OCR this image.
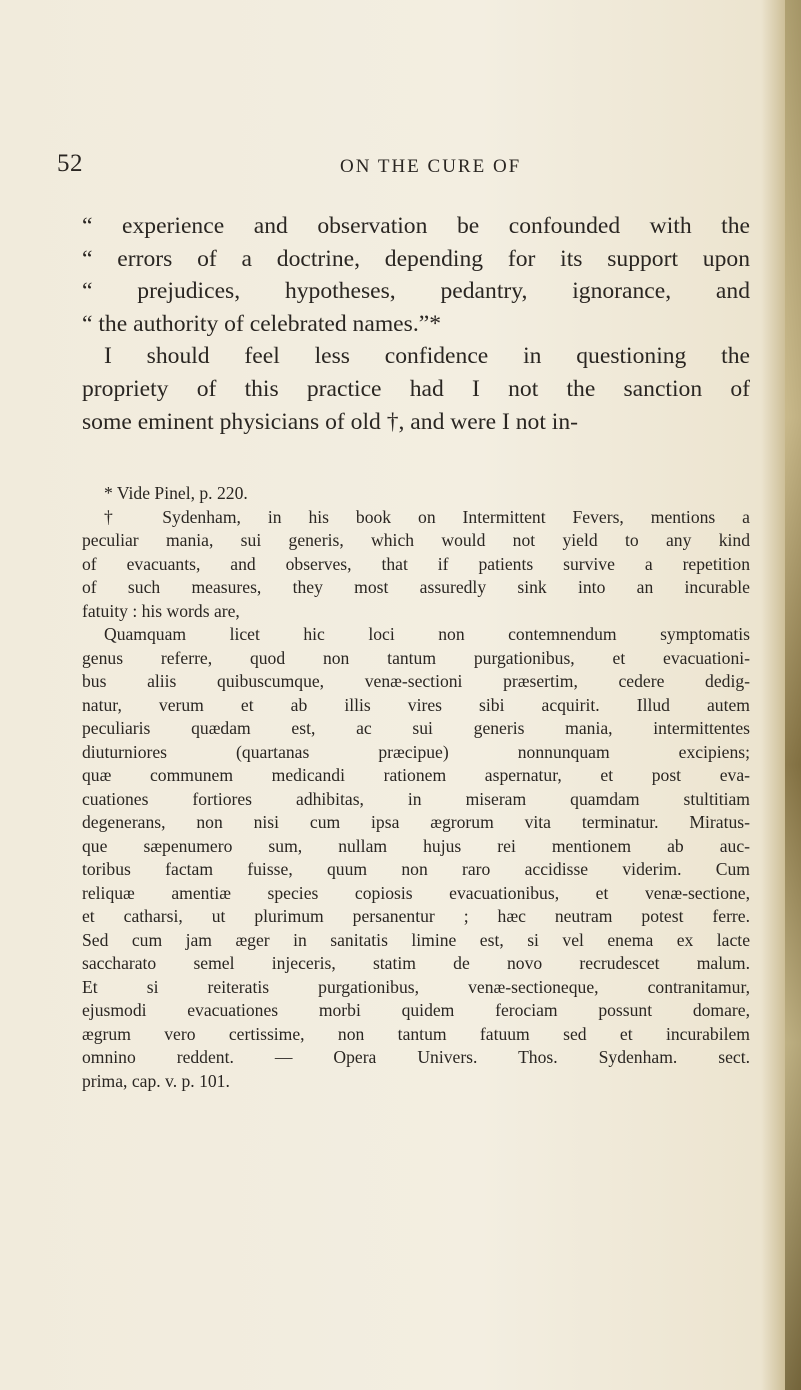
52	ON THE CURE OF
“ experience and observation be confounded with the
“ errors of a doctrine, depending for its support upon
“ prejudices, hypotheses, pedantry, ignorance, and
“ the authority of celebrated names.”*
I should feel less confidence in questioning the
propriety of this practice had I not the sanction of
some eminent physicians of old †, and were I not in-
* Vide Pinel, p. 220.
† Sydenham, in his book on Intermittent Fevers, mentions a
peculiar mania, sui generis, which would not yield to any kind
of evacuants, and observes, that if patients survive a repetition
of such measures, they most assuredly sink into an incurable
fatuity : his words are,
Quamquam licet hic loci non contemnendum symptomatis
genus referre, quod non tantum purgationibus, et evacuationi-
bus aliis quibuscumque, venæ-sectioni præsertim, cedere dedig-
natur, verum et ab illis vires sibi acquirit. Illud autem
peculiaris quædam est, ac sui generis mania, intermittentes
diuturniores (quartanas præcipue) nonnunquam excipiens;
quæ communem medicandi rationem aspernatur, et post eva-
cuationes fortiores adhibitas, in miseram quamdam stultitiam
degenerans, non nisi cum ipsa ægrorum vita terminatur. Miratus-
que sæpenumero sum, nullam hujus rei mentionem ab auc-
toribus factam fuisse, quum non raro accidisse viderim. Cum
reliquæ amentiæ species copiosis evacuationibus, et venæ-sectione,
et catharsi, ut plurimum persanentur ; hæc neutram potest ferre.
Sed cum jam æger in sanitatis limine est, si vel enema ex lacte
saccharato semel injeceris, statim de novo recrudescet malum.
Et si reiteratis purgationibus, venæ-sectioneque, contranitamur,
ejusmodi evacuationes morbi quidem ferociam possunt domare,
ægrum vero certissime, non tantum fatuum sed et incurabilem
omnino reddent. — Opera Univers. Thos. Sydenham. sect.
prima, cap. v. p. 101.
